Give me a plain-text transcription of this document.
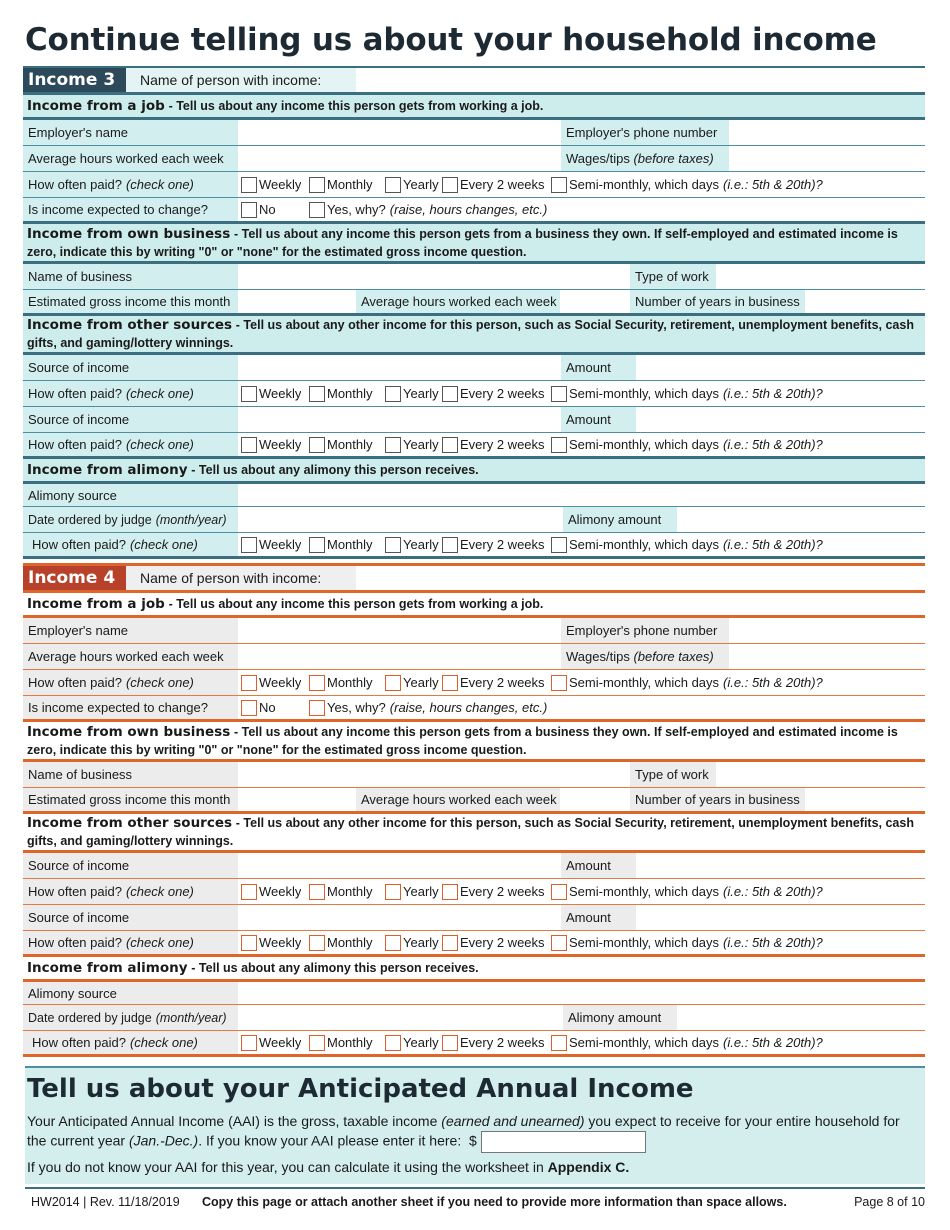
Continue telling us about your household income
Income 3	Name of person with income:
Income from a job
- Tell us about any income this person gets from working a job.
Employer's name	Employer's phone number
Average hours worked each week	Wages/tips
(before taxes)
How often paid? (check one)	Weekly Monthly Yearly Every 2 weeks Semi-monthly, which days (i.e.: 5th & 20th)?
Is income expected to change?	No	Yes, why? (raise, hours changes, etc.)
Income from own business - Tell us about any income this person gets from a business they own. If self-employed and estimated income is zero, indicate this by writing "0" or "none" for the estimated gross income question.
Name of business	Type of work
Estimated gross income this month	Average hours worked each week	Number of years in business
Income from other sources - Tell us about any other income for this person, such as Social Security, retirement, unemployment benefits, cash gifts, and gaming/lottery winnings.
Source of income	Amount
How often paid? (check one)	Weekly Monthly Yearly Every 2 weeks Semi-monthly, which days (i.e.: 5th & 20th)?
Source of income	Amount
How often paid? (check one)	Weekly Monthly Yearly Every 2 weeks Semi-monthly, which days (i.e.: 5th & 20th)?
Income from alimony
- Tell us about any alimony this person receives.
Alimony source
Date ordered by judge (month/year)	Alimony amount
How often paid? (check one)	Weekly Monthly Yearly Every 2 weeks Semi-monthly, which days (i.e.: 5th & 20th)?
Income 4	Name of person with income:
Income from a job
- Tell us about any income this person gets from working a job.
Employer's name	Employer's phone number
Average hours worked each week	Wages/tips
(before taxes)
How often paid? (check one)	Weekly Monthly Yearly Every 2 weeks Semi-monthly, which days (i.e.: 5th & 20th)?
Is income expected to change?	No	Yes, why? (raise, hours changes, etc.)
Income from own business - Tell us about any income this person gets from a business they own. If self-employed and estimated income is zero, indicate this by writing "0" or "none" for the estimated gross income question.
Name of business	Type of work
Estimated gross income this month	Average hours worked each week	Number of years in business
Income from other sources - Tell us about any other income for this person, such as Social Security, retirement, unemployment benefits, cash gifts, and gaming/lottery winnings.
Source of income	Amount
How often paid? (check one)	Weekly Monthly Yearly Every 2 weeks Semi-monthly, which days (i.e.: 5th & 20th)?
Source of income	Amount
How often paid? (check one)	Weekly Monthly Yearly Every 2 weeks Semi-monthly, which days (i.e.: 5th & 20th)?
Income from alimony
- Tell us about any alimony this person receives.
Alimony source
Date ordered by judge (month/year)	Alimony amount
How often paid? (check one)	Weekly Monthly Yearly Every 2 weeks Semi-monthly, which days (i.e.: 5th & 20th)?
Tell us about your Anticipated Annual Income
Your Anticipated Annual Income (AAI) is the gross, taxable income (earned and unearned) you expect to receive for your entire household for the current year (Jan.-Dec.). If you know your AAI please enter it here: $
If you do not know your AAI for this year, you can calculate it using the worksheet in Appendix C.
HW2014 | Rev. 11/18/2019 Copy this page or attach another sheet if you need to provide more information than space allows.	Page 8 of 10
